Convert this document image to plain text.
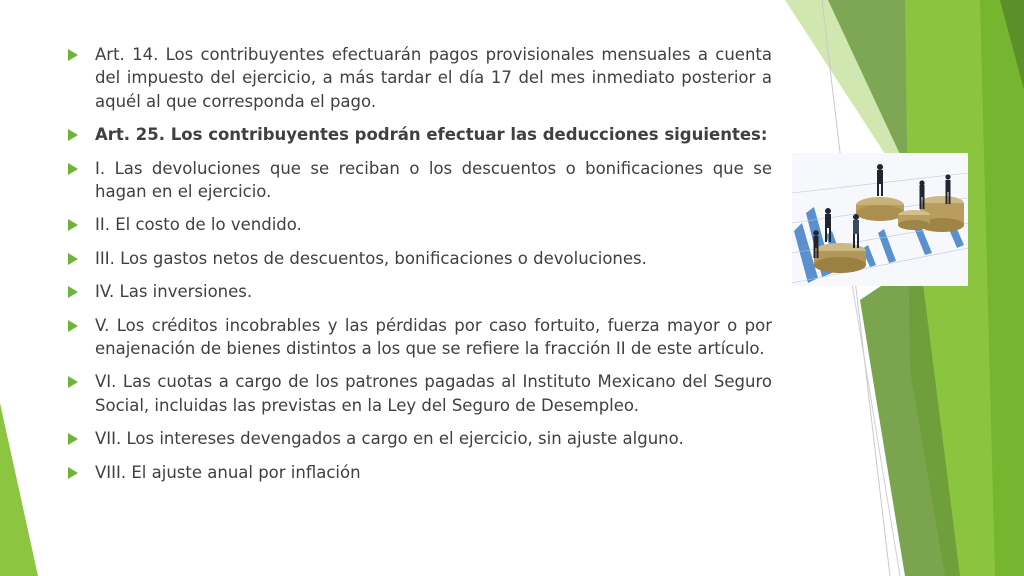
Art. 14. Los contribuyentes efectuarán pagos provisionales mensuales a cuenta del impuesto del ejercicio, a más tardar el día 17 del mes inmediato posterior a aquél al que corresponda el pago.
Art. 25. Los contribuyentes podrán efectuar las deducciones siguientes:
I. Las devoluciones que se reciban o los descuentos o bonificaciones que se hagan en el ejercicio.
II. El costo de lo vendido.
III. Los gastos netos de descuentos, bonificaciones o devoluciones.
IV. Las inversiones.
V. Los créditos incobrables y las pérdidas por caso fortuito, fuerza mayor o por enajenación de bienes distintos a los que se refiere la fracción II de este artículo.
VI. Las cuotas a cargo de los patrones pagadas al Instituto Mexicano del Seguro Social, incluidas las previstas en la Ley del Seguro de Desempleo.
VII. Los intereses devengados a cargo en el ejercicio, sin ajuste alguno.
VIII. El ajuste anual por inflación
